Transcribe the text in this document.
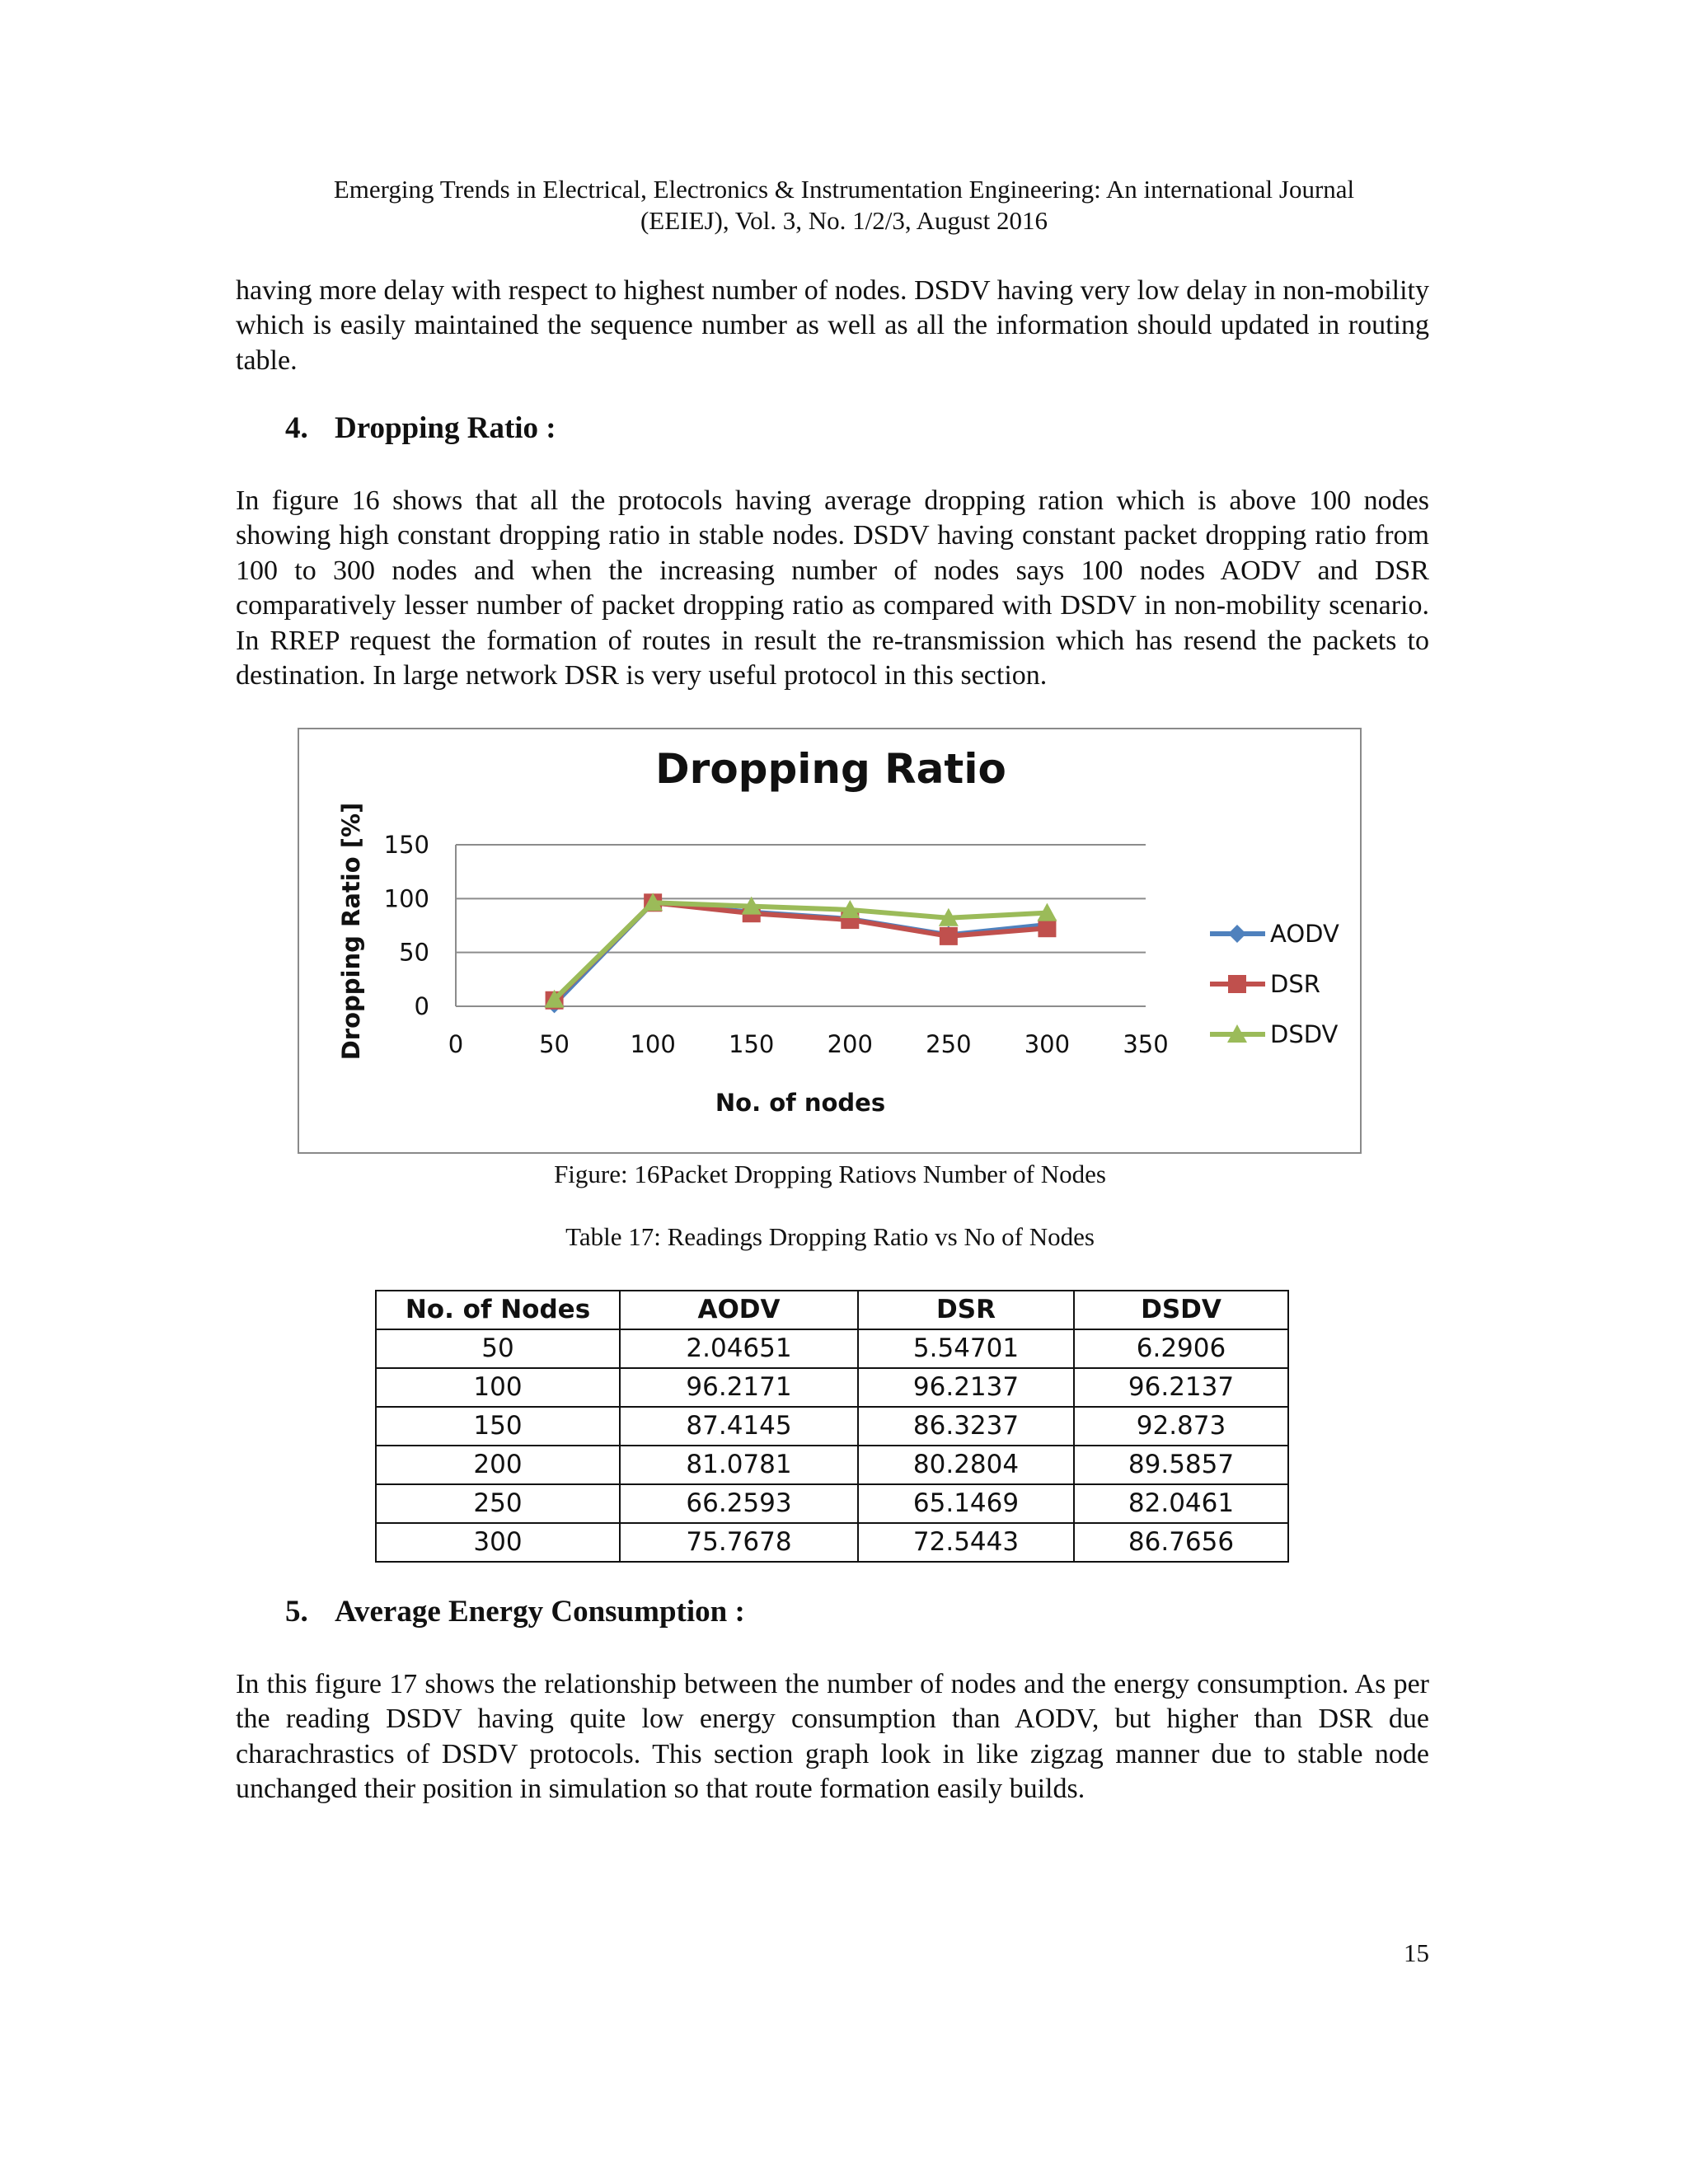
Emerging Trends in Electrical, Electronics & Instrumentation Engineering: An international Journal
(EEIEJ), Vol. 3, No. 1/2/3, August 2016

having more delay with respect to highest number of nodes. DSDV having very low delay in non-mobility which is easily maintained the sequence number as well as all the information should updated in routing table.

4. Dropping Ratio :

In figure 16 shows that all the protocols having average dropping ration which is above 100 nodes showing high constant dropping ratio in stable nodes. DSDV having constant packet dropping ratio from 100 to 300 nodes and when the increasing number of nodes says 100 nodes AODV and DSR comparatively lesser number of packet dropping ratio as compared with DSDV in non-mobility scenario. In RREP request the formation of routes in result the re-transmission which has resend the packets to destination. In large network DSR is very useful protocol in this section.

Dropping Ratio
0
50
100
150
0	50	100 150 200 250 300 350
No. of nodes
Dropping Ratio [%]	AODV
DSR
DSDV
Figure: 16Packet Dropping Ratiovs Number of Nodes
Table 17: Readings Dropping Ratio vs No of Nodes
No. of Nodes	AODV	DSR	DSDV
50	2.04651	5.54701	6.2906
100	96.2171	96.2137	96.2137
150	87.4145	86.3237	92.873
200	81.0781	80.2804	89.5857
250	66.2593	65.1469	82.0461
300	75.7678	72.5443	86.7656
5. Average Energy Consumption :

In this figure 17 shows the relationship between the number of nodes and the energy consumption. As per the reading DSDV having quite low energy consumption than AODV, but higher than DSR due charachrastics of DSDV protocols. This section graph look in like zigzag manner due to stable node unchanged their position in simulation so that route formation easily builds.

15
